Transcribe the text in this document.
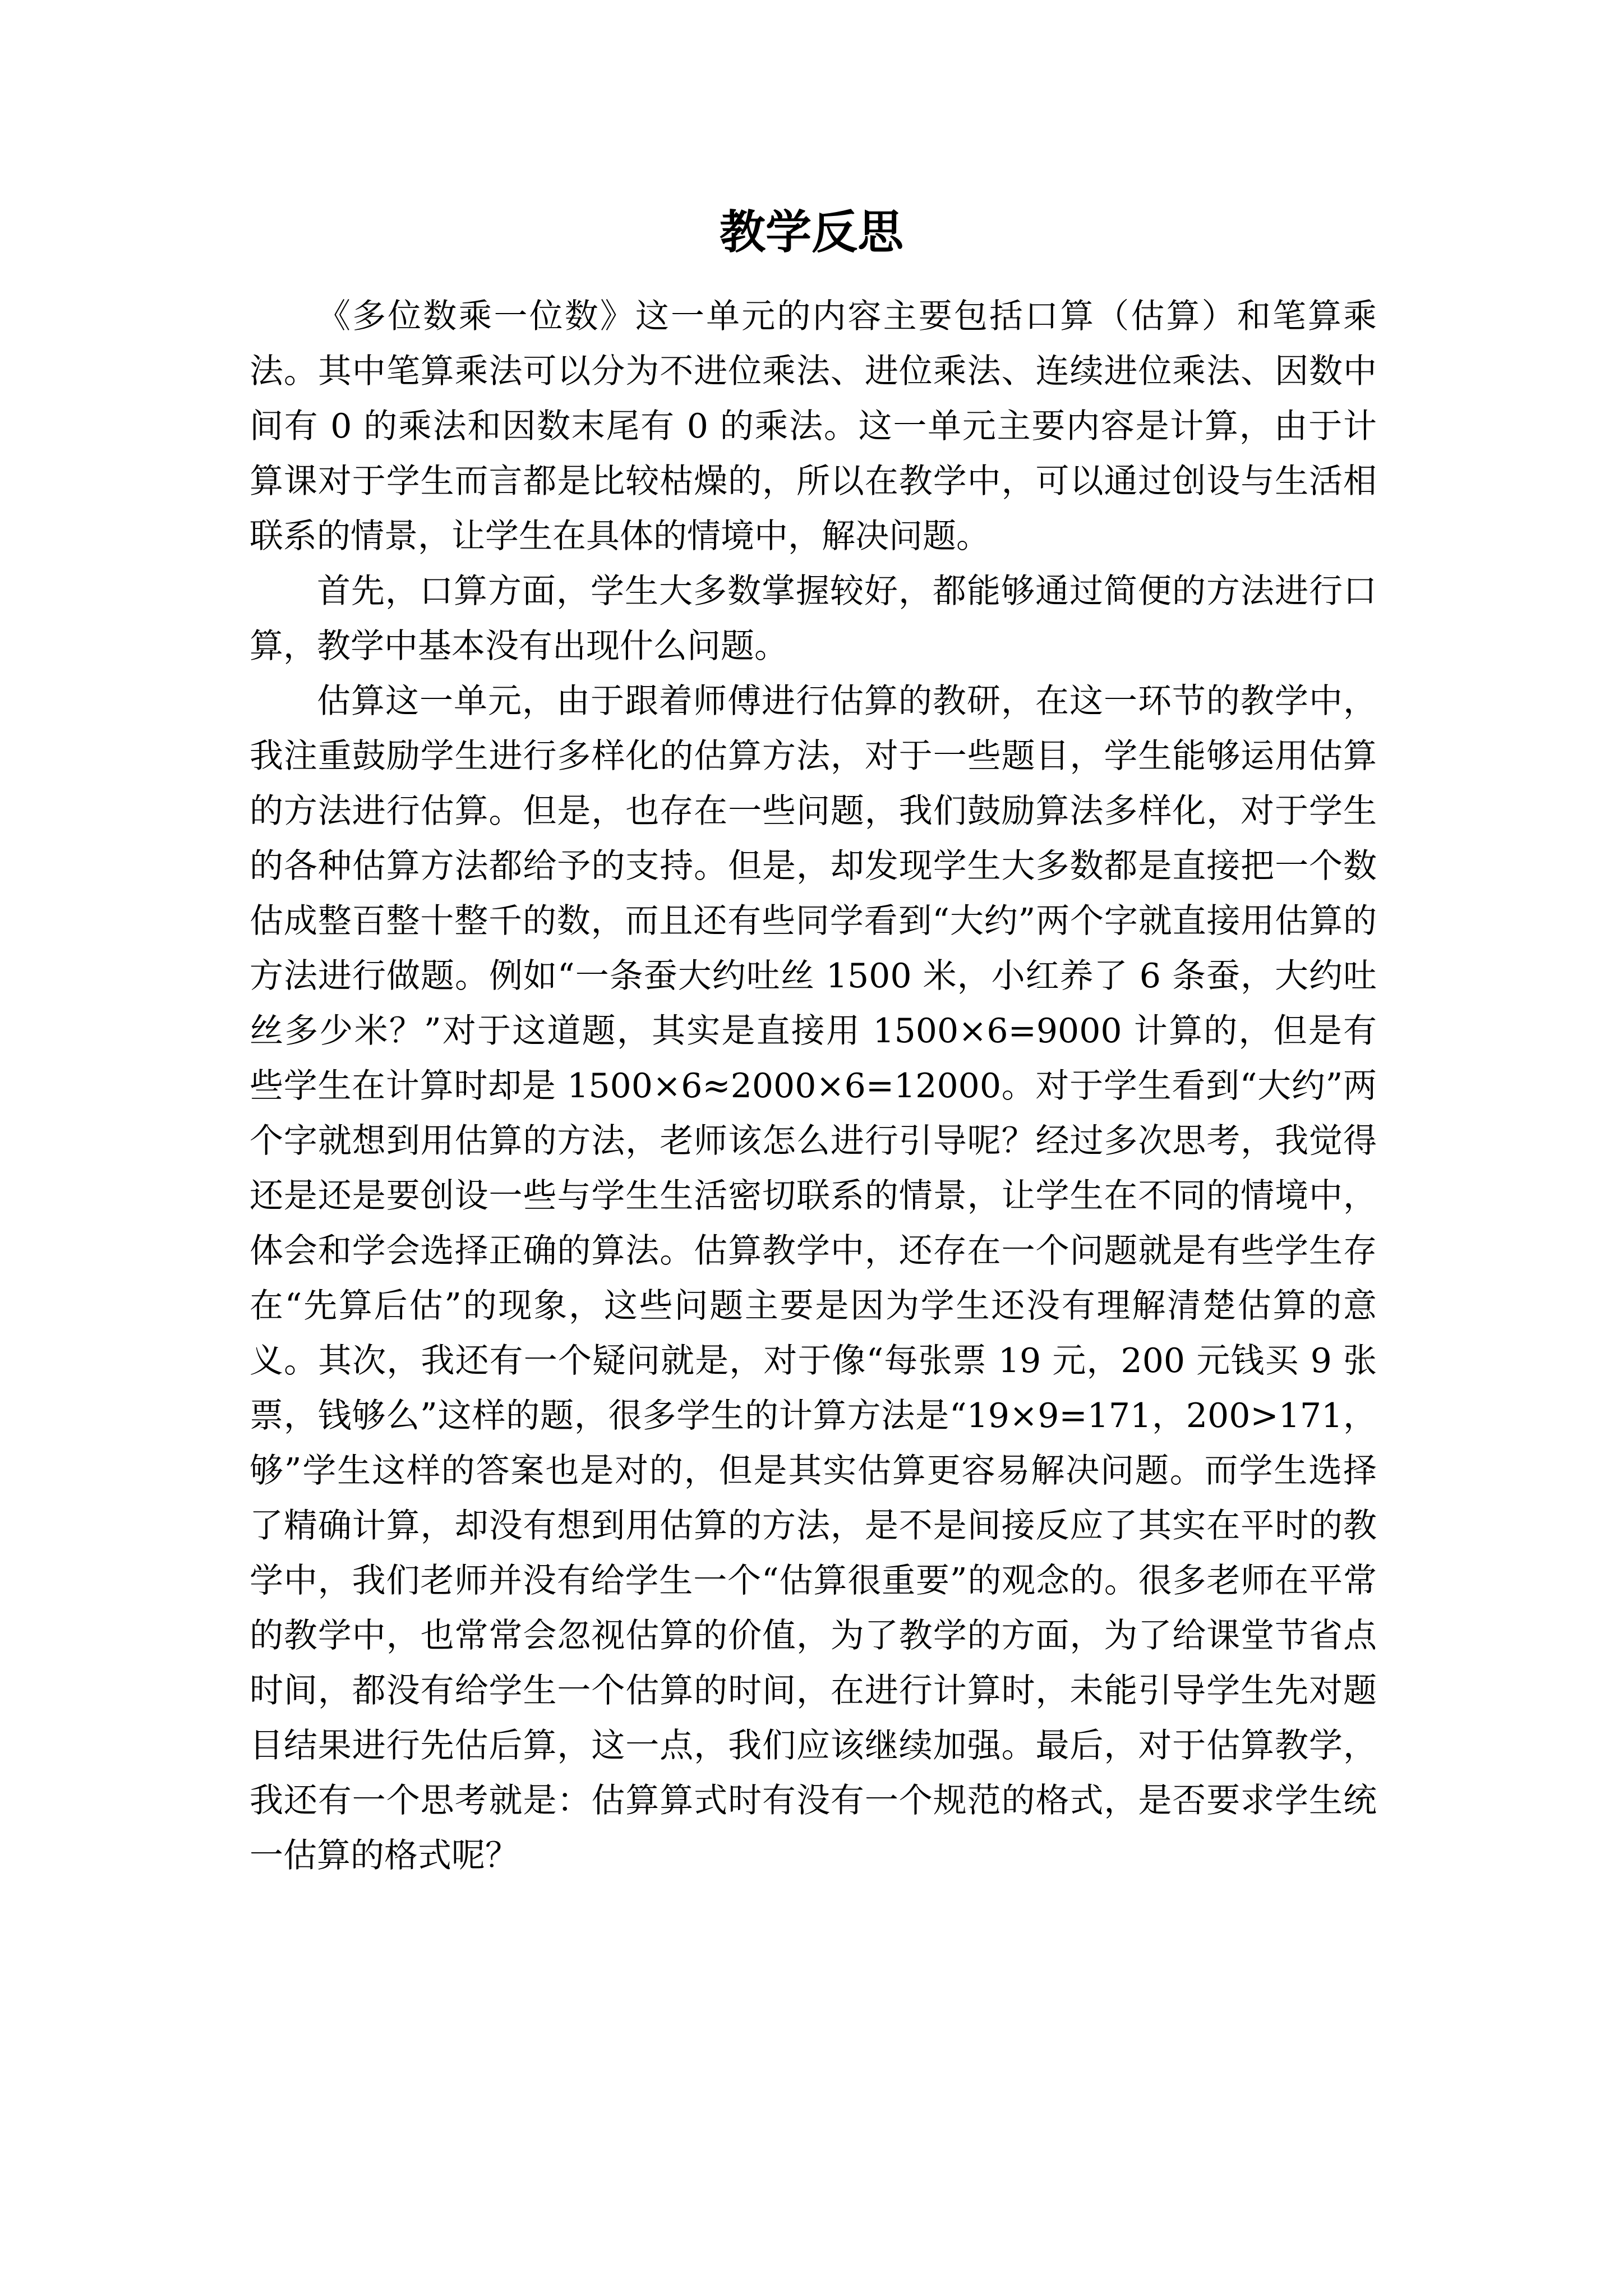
教学反思

《多位数乘一位数》这一单元的内容主要包括口算（估算）和笔算乘法。其中笔算乘法可以分为不进位乘法、进位乘法、连续进位乘法、因数中间有 0 的乘法和因数末尾有 0 的乘法。这一单元主要内容是计算，由于计算课对于学生而言都是比较枯燥的，所以在教学中，可以通过创设与生活相联系的情景，让学生在具体的情境中，解决问题。

首先，口算方面，学生大多数掌握较好，都能够通过简便的方法进行口算，教学中基本没有出现什么问题。

估算这一单元，由于跟着师傅进行估算的教研，在这一环节的教学中，我注重鼓励学生进行多样化的估算方法，对于一些题目，学生能够运用估算的方法进行估算。但是，也存在一些问题，我们鼓励算法多样化，对于学生的各种估算方法都给予的支持。但是，却发现学生大多数都是直接把一个数估成整百整十整千的数，而且还有些同学看到“大约”两个字就直接用估算的方法进行做题。例如“一条蚕大约吐丝 1500 米，小红养了 6 条蚕，大约吐丝多少米？”对于这道题，其实是直接用 1500×6=9000 计算的，但是有些学生在计算时却是 1500×6≈2000×6=12000。对于学生看到“大约”两个字就想到用估算的方法，老师该怎么进行引导呢？经过多次思考，我觉得还是还是要创设一些与学生生活密切联系的情景，让学生在不同的情境中，体会和学会选择正确的算法。估算教学中，还存在一个问题就是有些学生存在“先算后估”的现象，这些问题主要是因为学生还没有理解清楚估算的意义。其次，我还有一个疑问就是，对于像“每张票 19 元，200 元钱买 9 张票，钱够么”这样的题，很多学生的计算方法是“19×9=171，200>171，够”学生这样的答案也是对的，但是其实估算更容易解决问题。而学生选择了精确计算，却没有想到用估算的方法，是不是间接反应了其实在平时的教学中，我们老师并没有给学生一个“估算很重要”的观念的。很多老师在平常的教学中，也常常会忽视估算的价值，为了教学的方面，为了给课堂节省点时间，都没有给学生一个估算的时间，在进行计算时，未能引导学生先对题目结果进行先估后算，这一点，我们应该继续加强。最后，对于估算教学，我还有一个思考就是：估算算式时有没有一个规范的格式，是否要求学生统一估算的格式呢？
